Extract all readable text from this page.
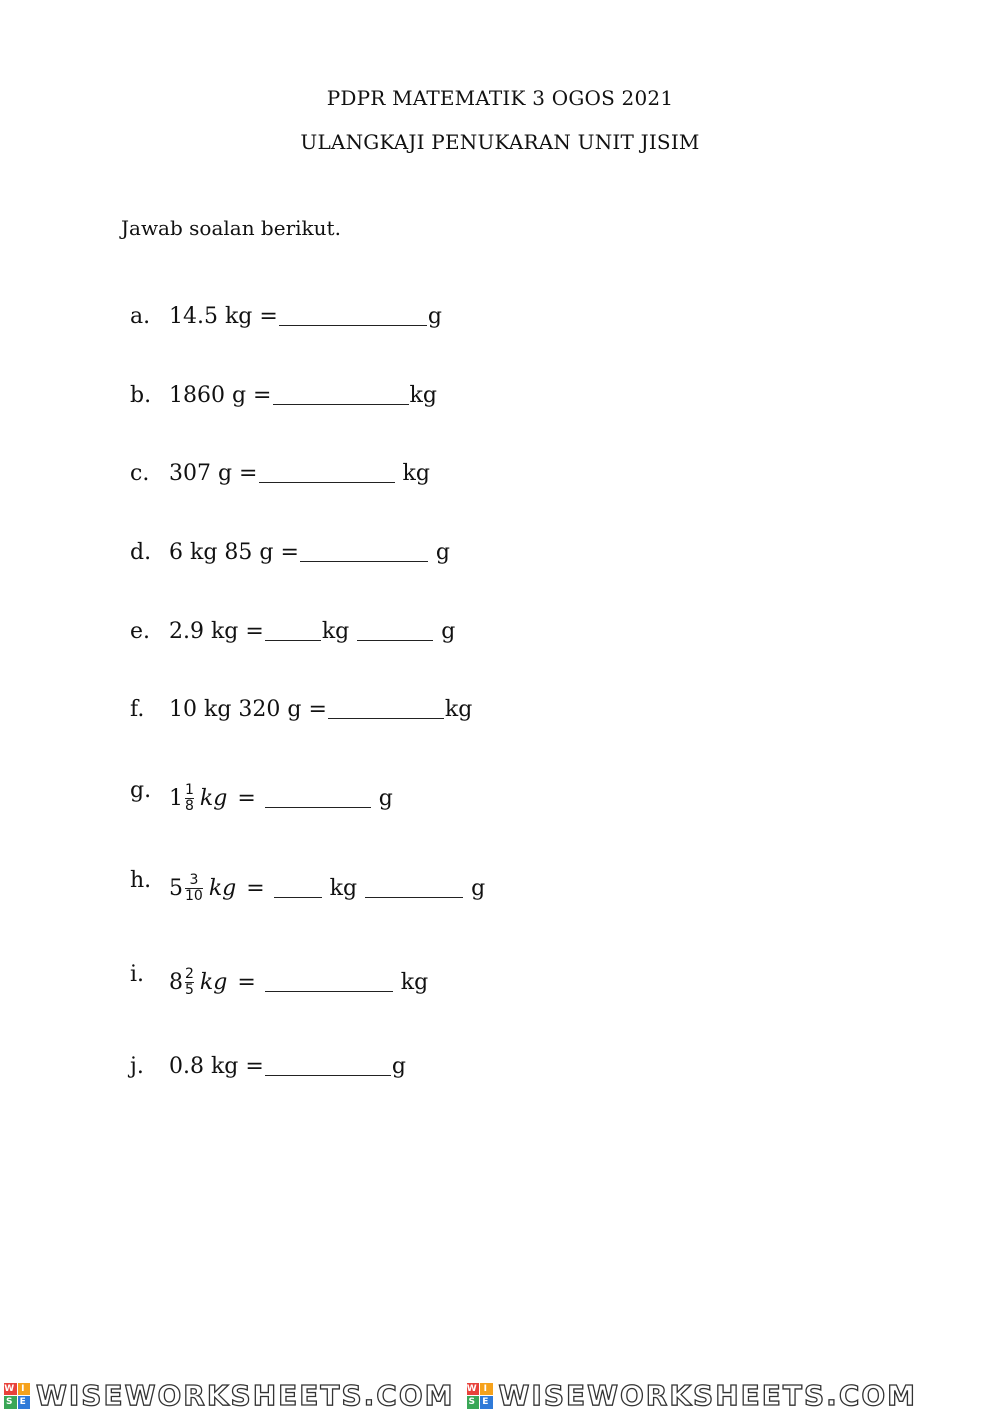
PDPR MATEMATIK 3 OGOS 2021
ULANGKAJI PENUKARAN UNIT JISIM
Jawab soalan berikut.
a. 14.5 kg =	g
b. 1860 g =	kg
c. 307 g =	kg
d. 6 kg 85 g =	g
e. 2.9 kg =	kg	g
f.	10 kg 320 g =	kg
g. $1 \frac{1}{8}$ kg =	g
h. $5 \frac{3}{10}$ kg =	kg	g
i.	$8 \frac{2}{5}$ kg =	kg
j.	0.8 kg =	g
W I
S E WISEWORKSHEETS.COM W I
S E WISEWORKSHEETS.COM
